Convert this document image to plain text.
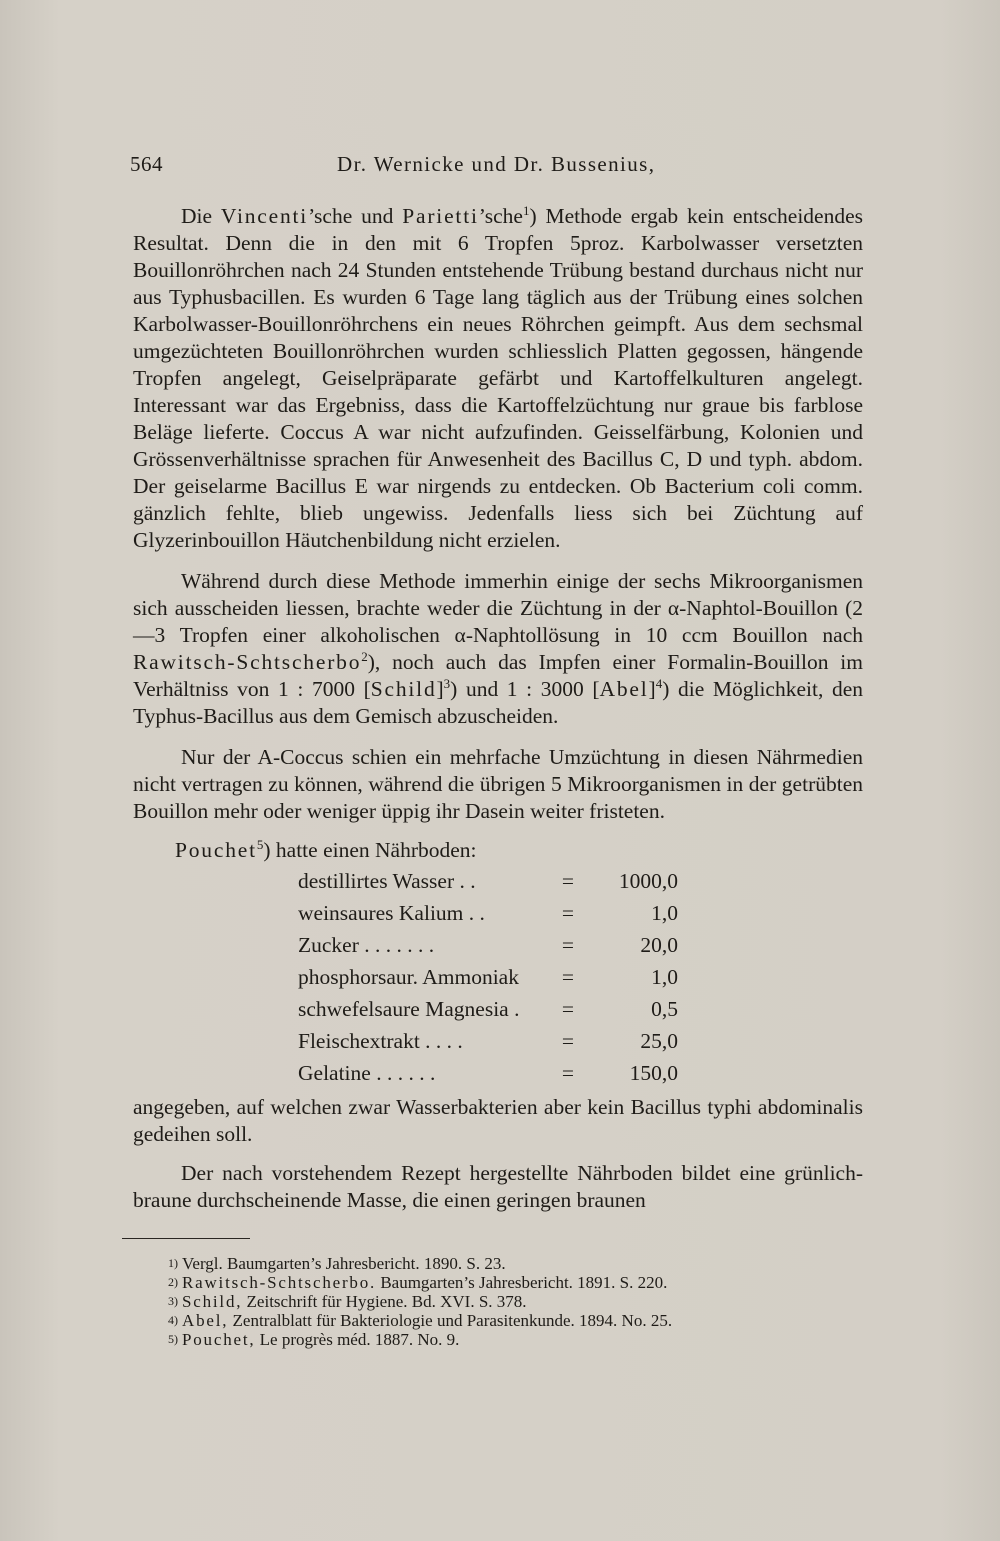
564	Dr. Wernicke und Dr. Bussenius,

Die Vincenti’sche und Parietti’sche$^1$) Methode ergab kein entscheidendes Resultat. Denn die in den mit 6 Tropfen 5proz. Karbolwasser versetzten Bouillonröhrchen nach 24 Stunden entstehende Trübung bestand durchaus nicht nur aus Typhusbacillen. Es wurden 6 Tage lang täglich aus der Trübung eines solchen Karbolwasser-Bouillonröhrchens ein neues Röhrchen geimpft. Aus dem sechsmal umgezüchteten Bouillonröhrchen wurden schliesslich Platten gegossen, hängende Tropfen angelegt, Geiselpräparate gefärbt und Kartoffelkulturen angelegt. Interessant war das Ergebniss, dass die Kartoffelzüchtung nur graue bis farblose Beläge lieferte. Coccus A war nicht aufzufinden. Geisselfärbung, Kolonien und Grössenverhältnisse sprachen für Anwesenheit des Bacillus C, D und typh. abdom. Der geiselarme Bacillus E war nirgends zu entdecken. Ob Bacterium coli comm. gänzlich fehlte, blieb ungewiss. Jedenfalls liess sich bei Züchtung auf Glyzerinbouillon Häutchenbildung nicht erzielen.

Während durch diese Methode immerhin einige der sechs Mikroorganismen sich ausscheiden liessen, brachte weder die Züchtung in der α-Naphtol-Bouillon (2—3 Tropfen einer alkoholischen α-Naphtollösung in 10 ccm Bouillon nach Rawitsch-Schtscherbo$^2$), noch auch das Impfen einer Formalin-Bouillon im Verhältniss von 1 : 7000 [Schild]$^3$) und 1 : 3000 [Abel]$^4$) die Möglichkeit, den Typhus-Bacillus aus dem Gemisch abzuscheiden.

Nur der A-Coccus schien ein mehrfache Umzüchtung in diesen Nährmedien nicht vertragen zu können, während die übrigen 5 Mikroorganismen in der getrübten Bouillon mehr oder weniger üppig ihr Dasein weiter fristeten.

Pouchet$^5$) hatte einen Nährboden:

destillirtes Wasser . .	=	1000,0
weinsaures Kalium . .	=	1,0
Zucker . . . . . . .	=	20,0
phosphorsaur. Ammoniak	=	1,0
schwefelsaure Magnesia .	=	0,5
Fleischextrakt . . . .	=	25,0
Gelatine . . . . . .	=	150,0

angegeben, auf welchen zwar Wasserbakterien aber kein Bacillus typhi abdominalis gedeihen soll.

Der nach vorstehendem Rezept hergestellte Nährboden bildet eine grünlich-braune durchscheinende Masse, die einen geringen braunen

1) Vergl. Baumgarten’s Jahresbericht. 1890. S. 23.
2) Rawitsch-Schtscherbo. Baumgarten’s Jahresbericht. 1891. S. 220.
3) Schild, Zeitschrift für Hygiene. Bd. XVI. S. 378.
4) Abel, Zentralblatt für Bakteriologie und Parasitenkunde. 1894. No. 25.
5) Pouchet, Le progrès méd. 1887. No. 9.
